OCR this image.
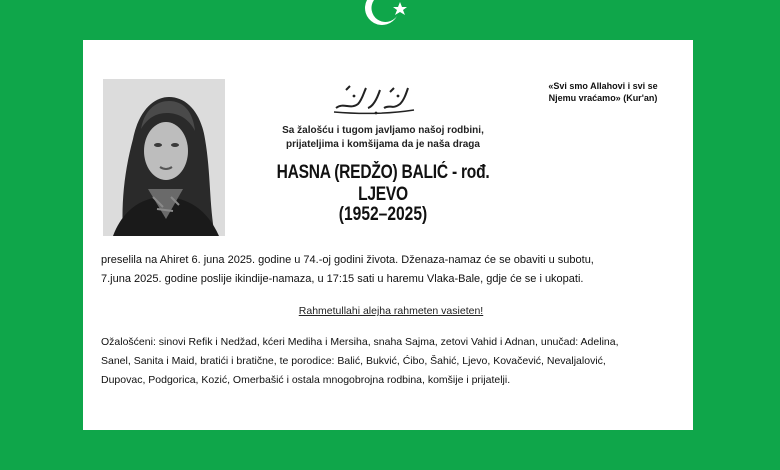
«Svi smo Allahovi i svi se
Njemu vraćamo» (Kur'an)
Sa žalošću i tugom javljamo našoj rodbini,
prijateljima i komšijama da je naša draga
HASNA (REDŽO) BALIĆ - rođ. LJEVO
(1952–2025)

preselila na Ahiret 6. juna 2025. godine u 74.-oj godini života. Dženaza-namaz će se obaviti u subotu,

7.juna 2025. godine poslije ikindije-namaza, u 17:15 sati u haremu Vlaka-Bale, gdje će se i ukopati.

Rahmetullahi alejha rahmeten vasieten!
Ožalošćeni: sinovi Refik i Nedžad, kćeri Mediha i Mersiha, snaha Sajma, zetovi Vahid i Adnan, unučad: Adelina,
Sanel, Sanita i Maid, bratići i bratične, te porodice: Balić, Bukvić, Ćibo, Šahić, Ljevo, Kovačević, Nevaljalović,
Dupovac, Podgorica, Kozić, Omerbašić i ostala mnogobrojna rodbina, komšije i prijatelji.
